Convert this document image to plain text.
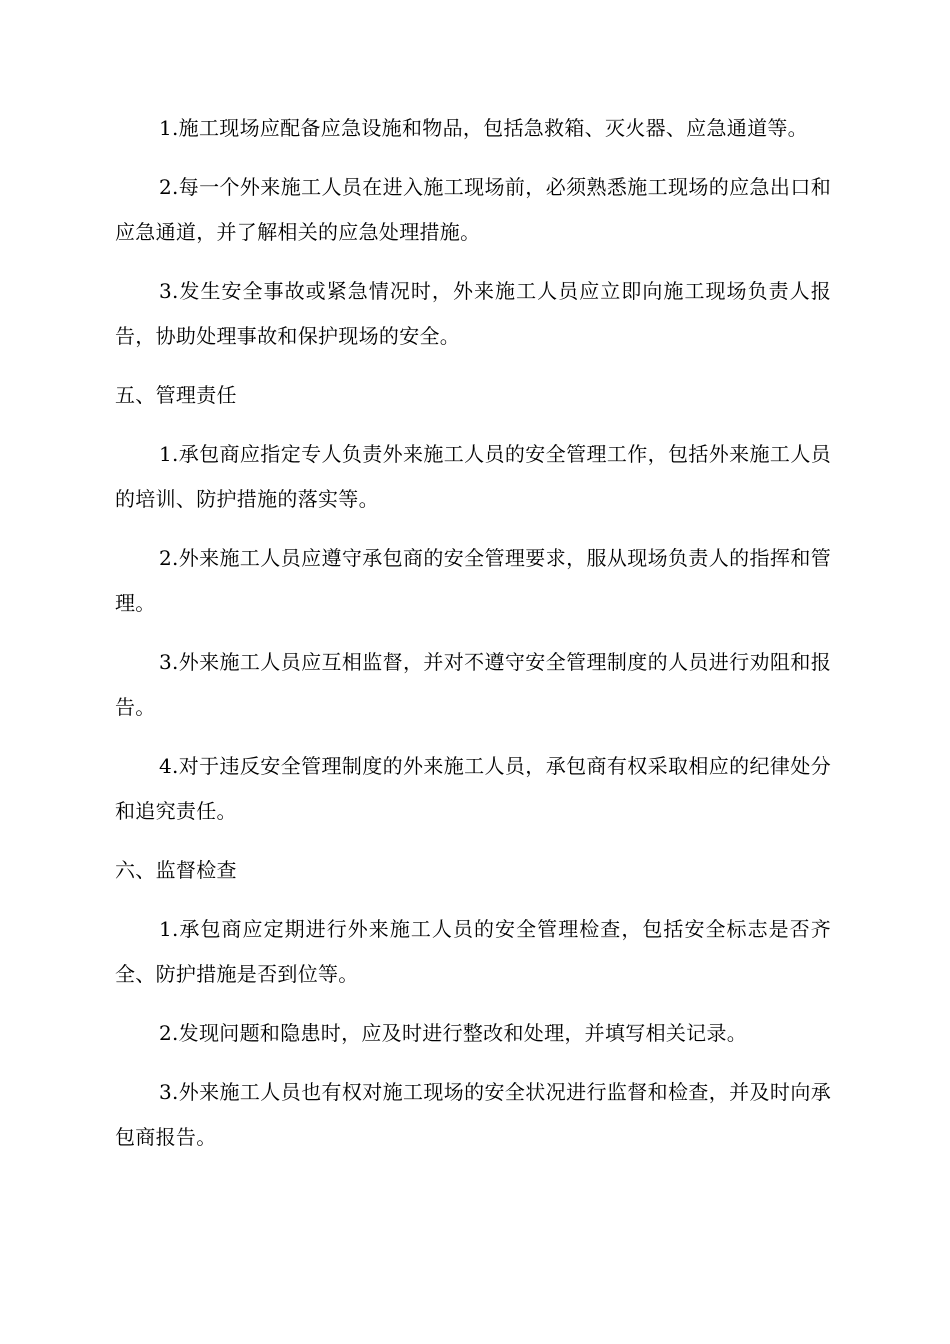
1.施工现场应配备应急设施和物品，包括急救箱、灭火器、应急通道等。

2.每一个外来施工人员在进入施工现场前，必须熟悉施工现场的应急出口和应急通道，并了解相关的应急处理措施。

3.发生安全事故或紧急情况时，外来施工人员应立即向施工现场负责人报告，协助处理事故和保护现场的安全。

五、管理责任

1.承包商应指定专人负责外来施工人员的安全管理工作，包括外来施工人员的培训、防护措施的落实等。

2.外来施工人员应遵守承包商的安全管理要求，服从现场负责人的指挥和管理。

3.外来施工人员应互相监督，并对不遵守安全管理制度的人员进行劝阻和报告。

4.对于违反安全管理制度的外来施工人员，承包商有权采取相应的纪律处分和追究责任。

六、监督检查

1.承包商应定期进行外来施工人员的安全管理检查，包括安全标志是否齐全、防护措施是否到位等。

2.发现问题和隐患时，应及时进行整改和处理，并填写相关记录。

3.外来施工人员也有权对施工现场的安全状况进行监督和检查，并及时向承包商报告。
